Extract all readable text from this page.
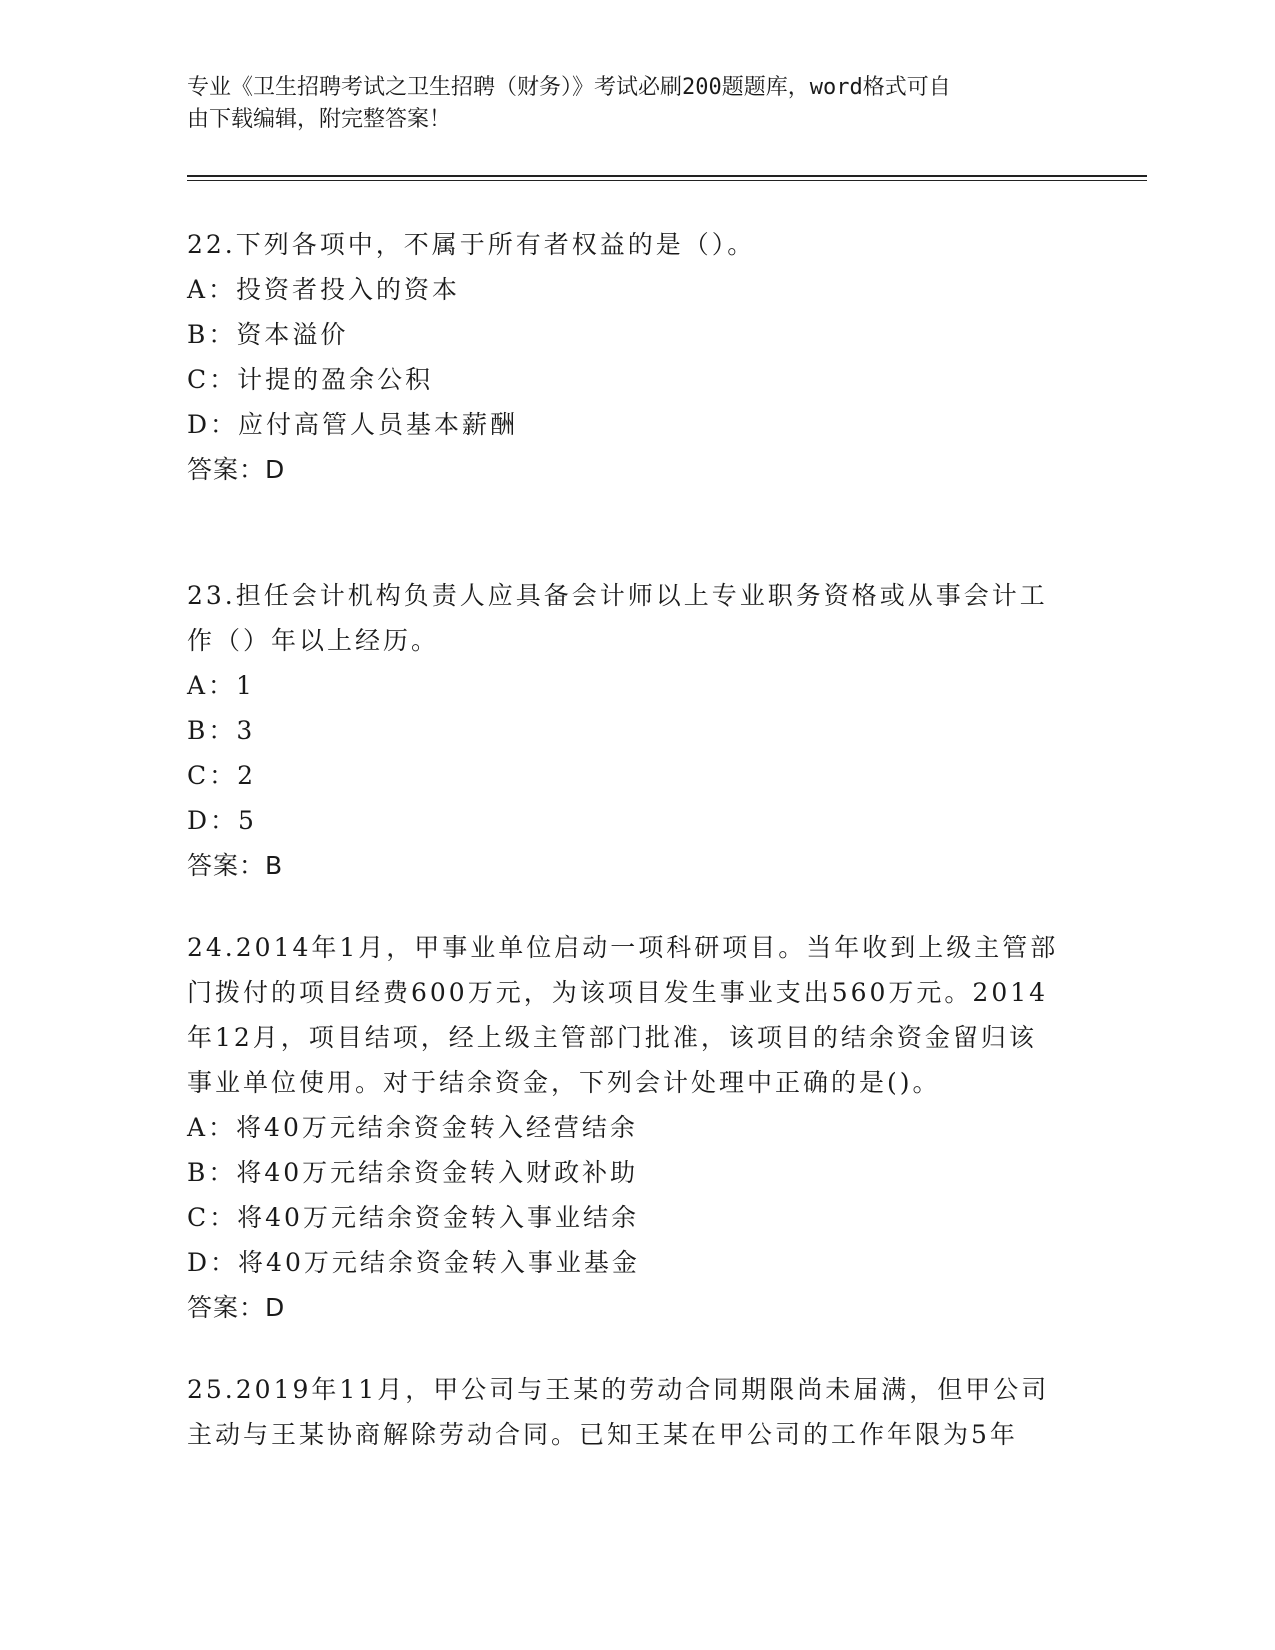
专业《卫生招聘考试之卫生招聘（财务）》考试必刷200题题库，word格式可自
由下载编辑，附完整答案！
22.下列各项中，不属于所有者权益的是（）。
A：投资者投入的资本
B：资本溢价
C：计提的盈余公积
D：应付高管人员基本薪酬
答案：D
23.担任会计机构负责人应具备会计师以上专业职务资格或从事会计工
作（）年以上经历。
A：1
B：3
C：2
D：5
答案：B
24.2014年1月，甲事业单位启动一项科研项目。当年收到上级主管部
门拨付的项目经费600万元，为该项目发生事业支出560万元。2014
年12月，项目结项，经上级主管部门批准，该项目的结余资金留归该
事业单位使用。对于结余资金，下列会计处理中正确的是()。
A：将40万元结余资金转入经营结余
B：将40万元结余资金转入财政补助
C：将40万元结余资金转入事业结余
D：将40万元结余资金转入事业基金
答案：D
25.2019年11月，甲公司与王某的劳动合同期限尚未届满，但甲公司
主动与王某协商解除劳动合同。已知王某在甲公司的工作年限为5年
